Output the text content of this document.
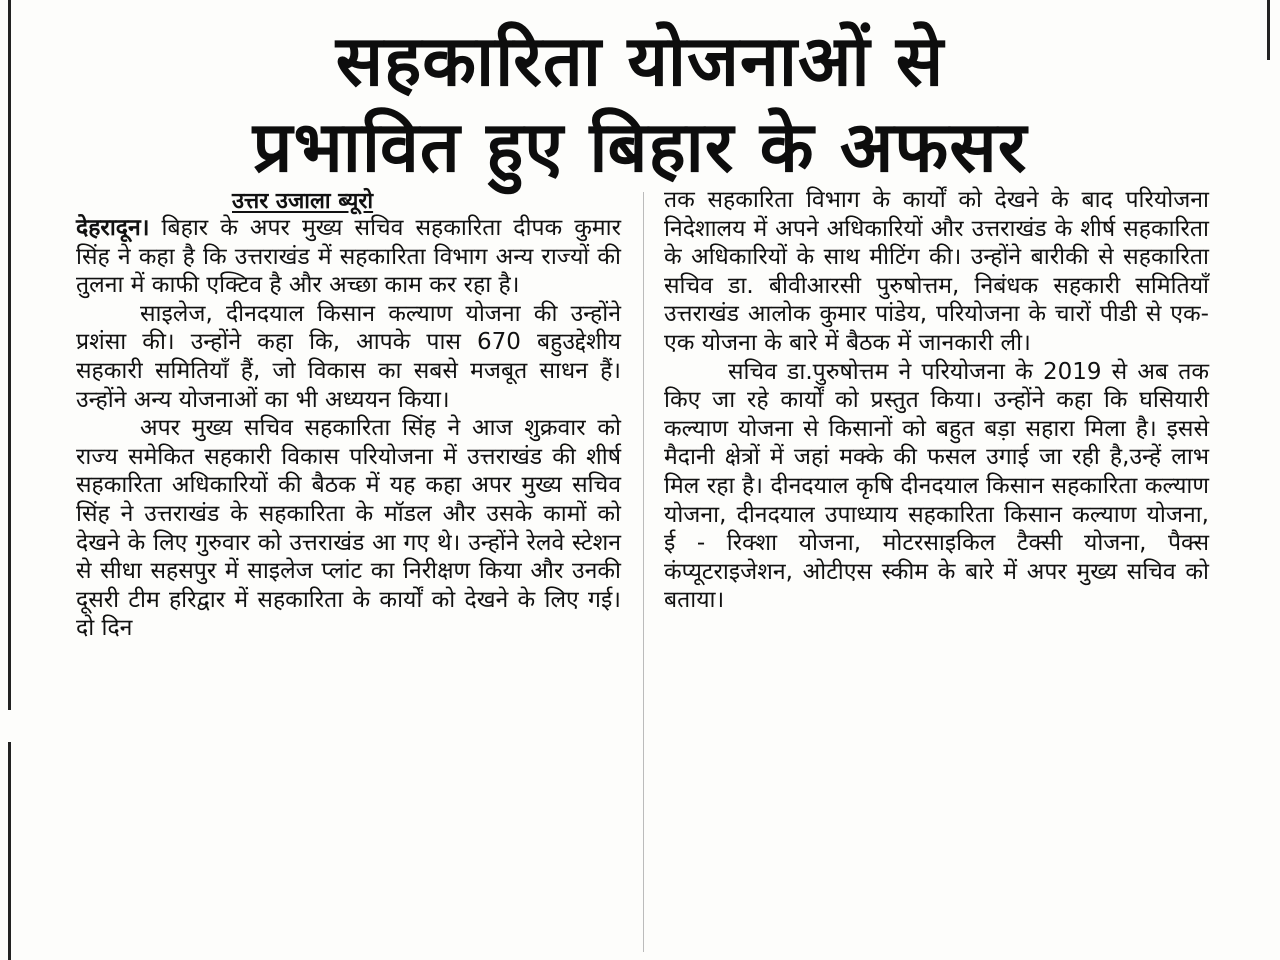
सहकारिता योजनाओं से
प्रभावित हुए बिहार के अफसर
उत्तर उजाला ब्यूरो

देहरादून। बिहार के अपर मुख्य सचिव सहकारिता दीपक कुमार सिंह ने कहा है कि उत्तराखंड में सहकारिता विभाग अन्य राज्यों की तुलना में काफी एक्टिव है और अच्छा काम कर रहा है।

साइलेज, दीनदयाल किसान कल्याण योजना की उन्होंने प्रशंसा की। उन्होंने कहा कि, आपके पास 670 बहुउद्देशीय सहकारी समितियाँ हैं, जो विकास का सबसे मजबूत साधन हैं। उन्होंने अन्य योजनाओं का भी अध्ययन किया।

अपर मुख्य सचिव सहकारिता सिंह ने आज शुक्रवार को राज्य समेकित सहकारी विकास परियोजना में उत्तराखंड की शीर्ष सहकारिता अधिकारियों की बैठक में यह कहा अपर मुख्य सचिव सिंह ने उत्तराखंड के सहकारिता के मॉडल और उसके कामों को देखने के लिए गुरुवार को उत्तराखंड आ गए थे। उन्होंने रेलवे स्टेशन से सीधा सहसपुर में साइलेज प्लांट का निरीक्षण किया और उनकी दूसरी टीम हरिद्वार में सहकारिता के कार्यों को देखने के लिए गई। दो दिन

तक सहकारिता विभाग के कार्यों को देखने के बाद परियोजना निदेशालय में अपने अधिकारियों और उत्तराखंड के शीर्ष सहकारिता के अधिकारियों के साथ मीटिंग की। उन्होंने बारीकी से सहकारिता सचिव डा. बीवीआरसी पुरुषोत्तम, निबंधक सहकारी समितियाँ उत्तराखंड आलोक कुमार पांडेय, परियोजना के चारों पीडी से एक-एक योजना के बारे में बैठक में जानकारी ली।

सचिव डा.पुरुषोत्तम ने परियोजना के 2019 से अब तक किए जा रहे कार्यों को प्रस्तुत किया। उन्होंने कहा कि घसियारी कल्याण योजना से किसानों को बहुत बड़ा सहारा मिला है। इससे मैदानी क्षेत्रों में जहां मक्के की फसल उगाई जा रही है,उन्हें लाभ मिल रहा है। दीनदयाल कृषि दीनदयाल किसान सहकारिता कल्याण योजना, दीनदयाल उपाध्याय सहकारिता किसान कल्याण योजना, ई - रिक्शा योजना, मोटरसाइकिल टैक्सी योजना, पैक्स कंप्यूटराइजेशन, ओटीएस स्कीम के बारे में अपर मुख्य सचिव को बताया।
